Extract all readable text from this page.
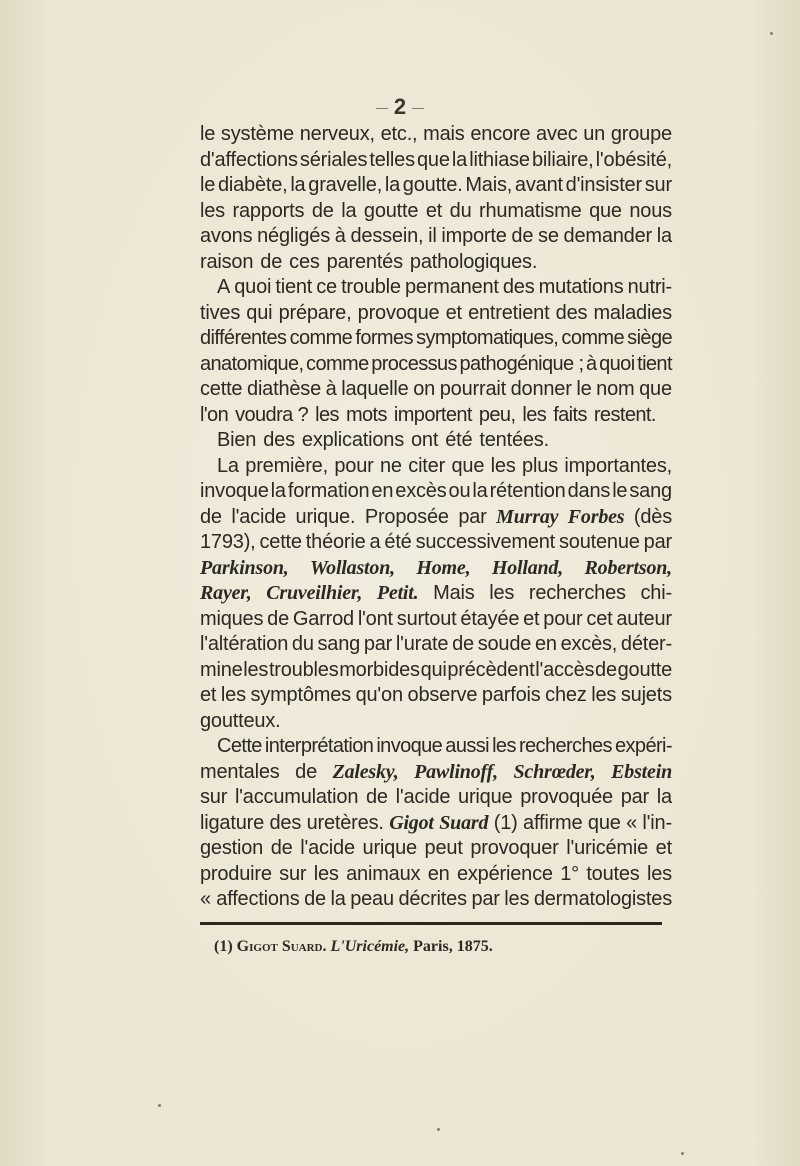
2
le système nerveux, etc., mais encore avec un groupe
d'affections sériales telles que la lithiase biliaire, l'obésité,
le diabète, la gravelle, la goutte. Mais, avant d'insister sur
les rapports de la goutte et du rhumatisme que nous
avons négligés à dessein, il importe de se demander la
raison de ces parentés pathologiques.
A quoi tient ce trouble permanent des mutations nutri-
tives qui prépare, provoque et entretient des maladies
différentes comme formes symptomatiques, comme siège
anatomique, comme processus pathogénique ; à quoi tient
cette diathèse à laquelle on pourrait donner le nom que
l'on voudra ? les mots importent peu, les faits restent.
Bien des explications ont été tentées.
La première, pour ne citer que les plus importantes,
invoque la formation en excès ou la rétention dans le sang
de l'acide urique. Proposée par Murray Forbes (dès
1793), cette théorie a été successivement soutenue par
Parkinson, Wollaston, Home, Holland, Robertson,
Rayer, Cruveilhier, Petit. Mais les recherches chi-
miques de Garrod l'ont surtout étayée et pour cet auteur
l'altération du sang par l'urate de soude en excès, déter-
mine les troubles morbides qui précèdent l'accès de goutte
et les symptômes qu'on observe parfois chez les sujets
goutteux.
Cette interprétation invoque aussi les recherches expéri-
mentales de Zalesky, Pawlinoff, Schrœder, Ebstein
sur l'accumulation de l'acide urique provoquée par la
ligature des uretères. Gigot Suard (1) affirme que « l'in-
gestion de l'acide urique peut provoquer l'uricémie et
produire sur les animaux en expérience 1° toutes les
« affections de la peau décrites par les dermatologistes
(1) Gigot Suard. L'Uricémie, Paris, 1875.
